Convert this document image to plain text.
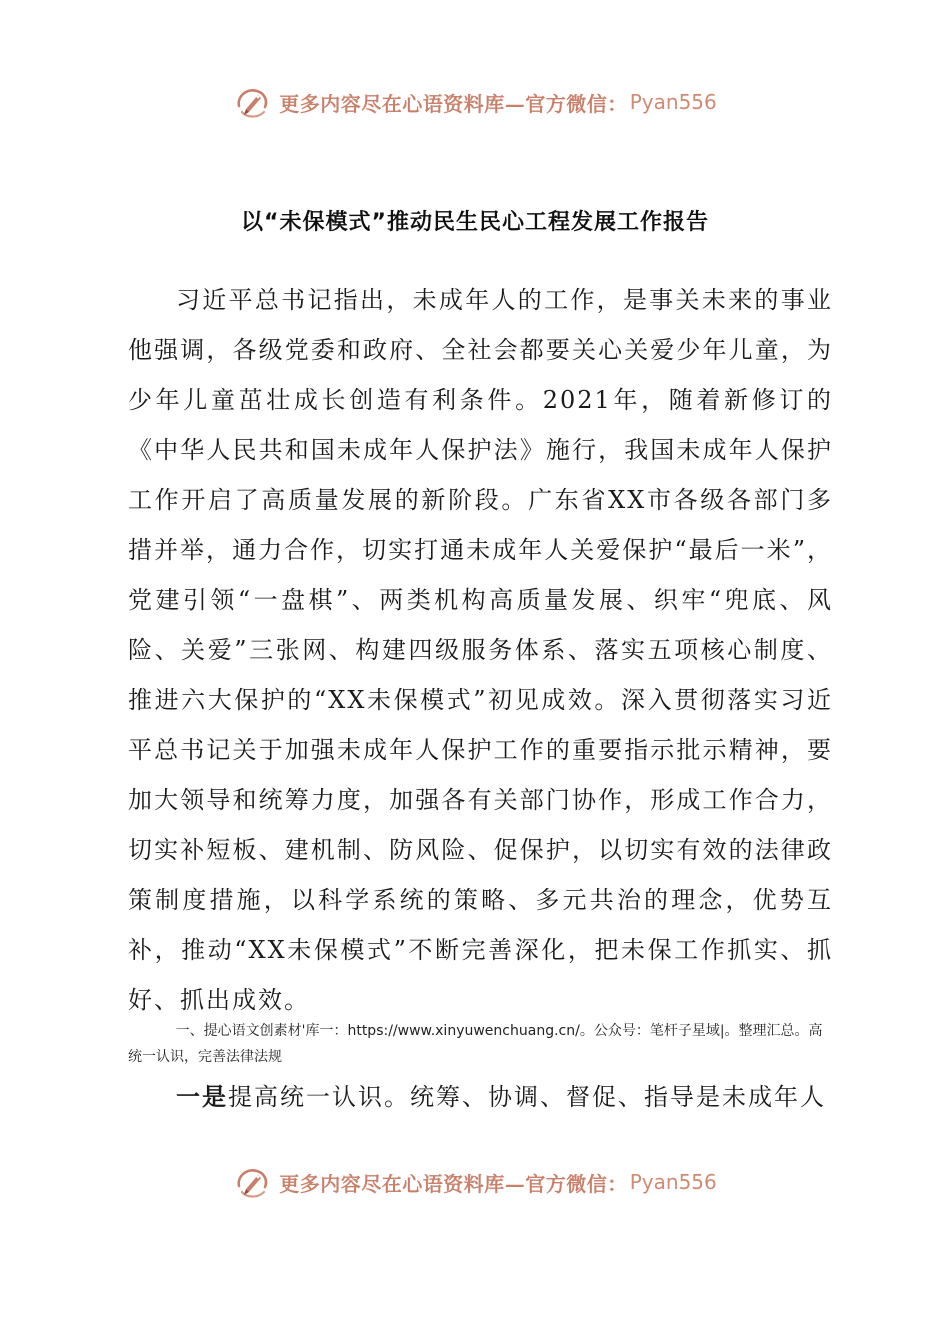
更多内容尽在心语资料库—官方微信： Pyan556
以“未保模式”推动民生民心工程发展工作报告

习近平总书记指出，未成年人的工作，是事关未来的事业他强调，各级党委和政府、全社会都要关心关爱少年儿童，为少年儿童茁壮成长创造有利条件。2021年，随着新修订的《中华人民共和国未成年人保护法》施行，我国未成年人保护工作开启了高质量发展的新阶段。广东省XX市各级各部门多措并举，通力合作，切实打通未成年人关爱保护“最后一米”，党建引领“一盘棋”、两类机构高质量发展、织牢“兜底、风险、关爱”三张网、构建四级服务体系、落实五项核心制度、推进六大保护的“XX未保模式”初见成效。深入贯彻落实习近平总书记关于加强未成年人保护工作的重要指示批示精神，要加大领导和统筹力度，加强各有关部门协作，形成工作合力，切实补短板、建机制、防风险、促保护，以切实有效的法律政策制度措施，以科学系统的策略、多元共治的理念，优势互补，推动“XX未保模式”不断完善深化，把未保工作抓实、抓好、抓出成效。

一、提心语文创素材'库一：https://www.xinyuwenchuang.cn/。公众号：笔杆子星域|。整理汇总。高统一认识，完善法律法规
一是提高统一认识。统筹、协调、督促、指导是未成年人
更多内容尽在心语资料库—官方微信： Pyan556
